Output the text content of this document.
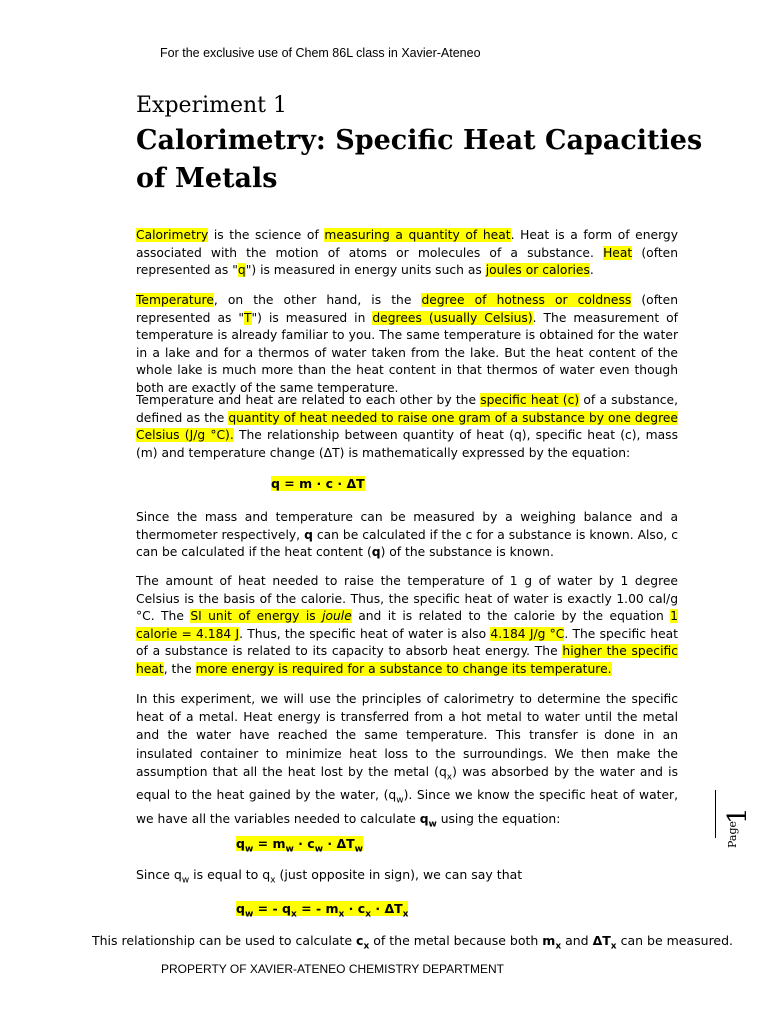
For the exclusive use of Chem 86L class in Xavier-Ateneo
Experiment 1
Calorimetry: Specific Heat Capacities
of Metals
Calorimetry is the science of measuring a quantity of heat. Heat is a form of energy associated with the motion of atoms or molecules of a substance. Heat (often represented as "q") is measured in energy units such as joules or calories.
Temperature, on the other hand, is the degree of hotness or coldness (often represented as "T") is measured in degrees (usually Celsius). The measurement of temperature is already familiar to you. The same temperature is obtained for the water in a lake and for a thermos of water taken from the lake. But the heat content of the whole lake is much more than the heat content in that thermos of water even though both are exactly of the same temperature.
Temperature and heat are related to each other by the specific heat (c) of a substance, defined as the quantity of heat needed to raise one gram of a substance by one degree Celsius (J/g °C). The relationship between quantity of heat (q), specific heat (c), mass (m) and temperature change (ΔT) is mathematically expressed by the equation:
q = m · c · ΔT
Since the mass and temperature can be measured by a weighing balance and a thermometer respectively, q can be calculated if the c for a substance is known. Also, c can be calculated if the heat content (q) of the substance is known.
The amount of heat needed to raise the temperature of 1 g of water by 1 degree Celsius is the basis of the calorie. Thus, the specific heat of water is exactly 1.00 cal/g °C. The SI unit of energy is joule and it is related to the calorie by the equation 1 calorie = 4.184 J. Thus, the specific heat of water is also 4.184 J/g °C. The specific heat of a substance is related to its capacity to absorb heat energy. The higher the specific heat, the more energy is required for a substance to change its temperature.
In this experiment, we will use the principles of calorimetry to determine the specific heat of a metal. Heat energy is transferred from a hot metal to water until the metal and the water have reached the same temperature. This transfer is done in an insulated container to minimize heat loss to the surroundings. We then make the assumption that all the heat lost by the metal $(q_x)$ was absorbed by the water and is equal to the heat gained by the water, $(q_w)$. Since we know the specific heat of water, we have all the variables needed to calculate $q_w$ using the equation:
$q_w = m_w \cdot c_w \cdot \Delta T_w$
Since $q_w$ is equal to $q_x$ (just opposite in sign), we can say that
$q_w$ = - $q_x$ = - $m_x \cdot c_x \cdot \Delta T_x$
This relationship can be used to calculate $c_x$ of the metal because both $m_x$ and $\Delta T_x$ can be measured.
PROPERTY OF XAVIER-ATENEO CHEMISTRY DEPARTMENT
1
Page
